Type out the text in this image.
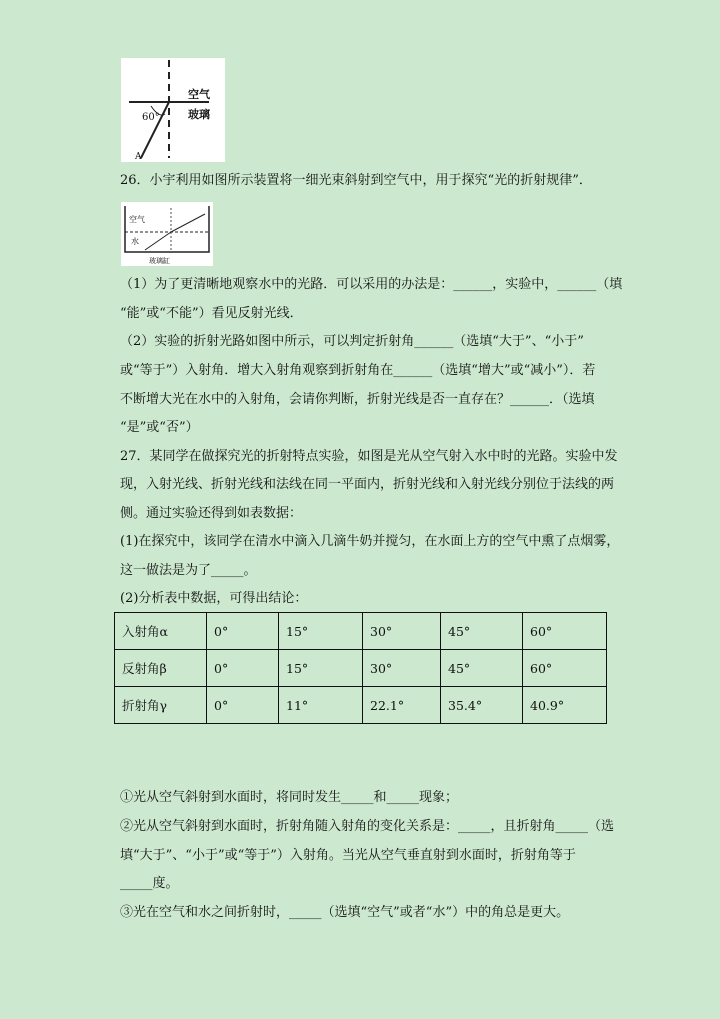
60°
空气
玻璃
A
26．小宇利用如图所示装置将一细光束斜射到空气中，用于探究“光的折射规律”．
空气
水
玻璃缸
（1）为了更清晰地观察水中的光路．可以采用的办法是：______，实验中，______（填
“能”或“不能”）看见反射光线．
（2）实验的折射光路如图中所示，可以判定折射角______（选填“大于”、“小于”
或“等于”）入射角．增大入射角观察到折射角在______（选填“增大”或“减小”）．若
不断增大光在水中的入射角，会请你判断，折射光线是否一直存在？______．（选填
“是”或“否”）
27．某同学在做探究光的折射特点实验，如图是光从空气射入水中时的光路。实验中发
现，入射光线、折射光线和法线在同一平面内，折射光线和入射光线分别位于法线的两
侧。通过实验还得到如表数据：
(1)在探究中，该同学在清水中滴入几滴牛奶并搅匀，在水面上方的空气中熏了点烟雾，
这一做法是为了_____。
(2)分析表中数据，可得出结论：
入射角α	0°	15°	30°	45°	60°
反射角β	0°	15°	30°	45°	60°
折射角γ	0°	11°	22.1°	35.4°	40.9°
①光从空气斜射到水面时，将同时发生_____和_____现象；
②光从空气斜射到水面时，折射角随入射角的变化关系是：_____，且折射角_____（选
填“大于”、“小于”或“等于”）入射角。当光从空气垂直射到水面时，折射角等于
_____度。
③光在空气和水之间折射时，_____（选填“空气”或者“水”）中的角总是更大。
